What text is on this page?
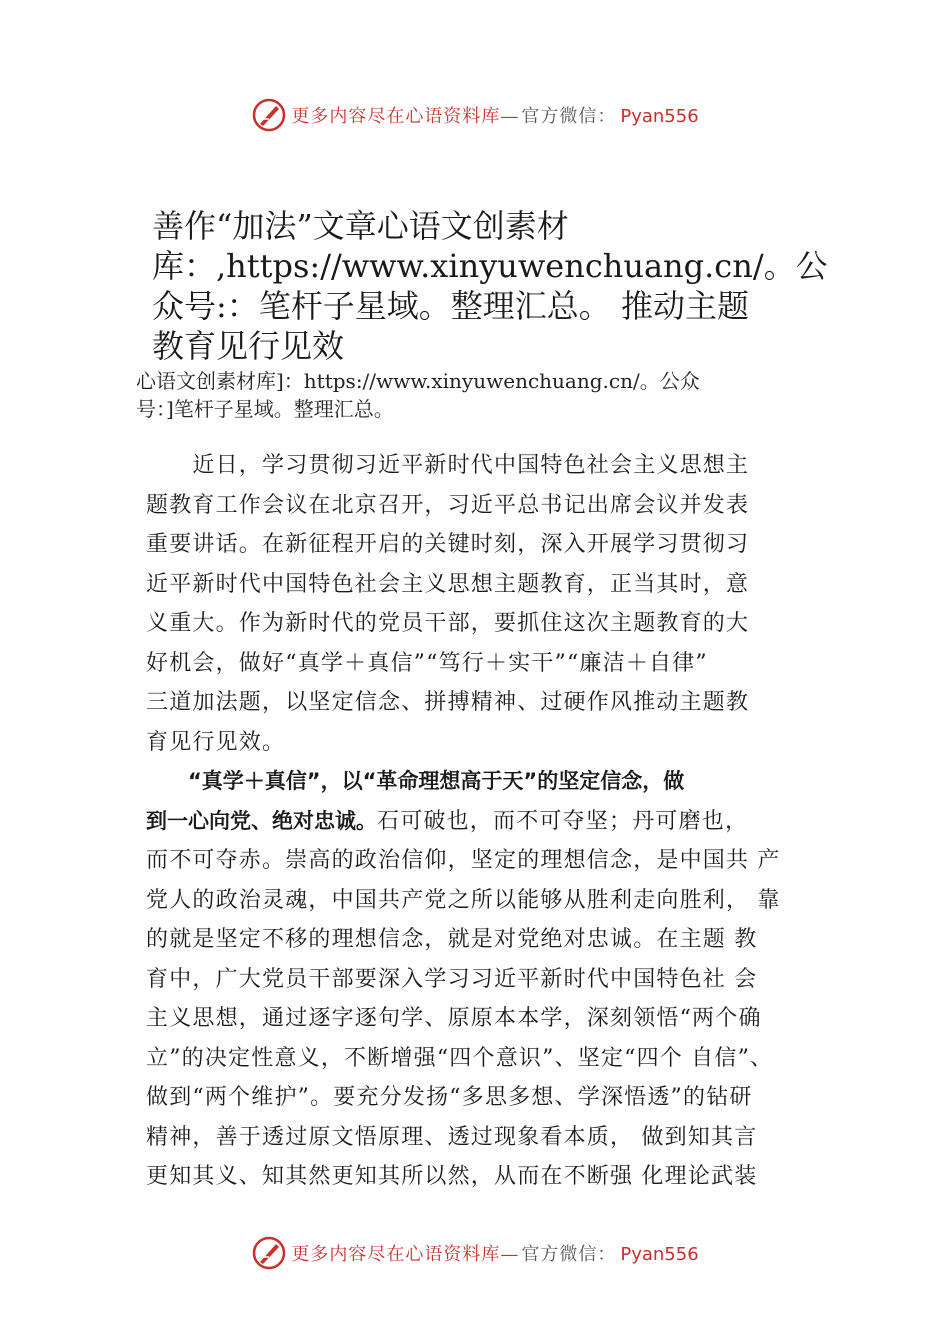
更多内容尽在心语资料库— 官方微信： Pyan556
善作“加法”文章心语文创素材
库：,https://www.xinyuwenchuang.cn/。公
众号:：笔杆子星域。整理汇总。 推动主题
教育见行见效
心语文创素材库]：https://www.xinyuwenchuang.cn/。公众
号：]笔杆子星域。整理汇总。

　　近日，学习贯彻习近平新时代中国特色社会主义思想主
题教育工作会议在北京召开，习近平总书记出席会议并发表
重要讲话。在新征程开启的关键时刻，深入开展学习贯彻习
近平新时代中国特色社会主义思想主题教育，正当其时，意
义重大。作为新时代的党员干部，要抓住这次主题教育的大
好机会，做好“真学＋真信”“笃行＋实干”“廉洁＋自律”
三道加法题，以坚定信念、拼搏精神、过硬作风推动主题教
育见行见效。

　　“真学＋真信”，以“革命理想高于天”的坚定信念，做
到一心向党、绝对忠诚。石可破也，而不可夺坚；丹可磨也，
而不可夺赤。崇高的政治信仰，坚定的理想信念，是中国共 产
党人的政治灵魂，中国共产党之所以能够从胜利走向胜利， 靠
的就是坚定不移的理想信念，就是对党绝对忠诚。在主题 教
育中，广大党员干部要深入学习习近平新时代中国特色社 会
主义思想，通过逐字逐句学、原原本本学，深刻领悟“两个确
立”的决定性意义，不断增强“四个意识”、坚定“四个 自信”、
做到“两个维护”。要充分发扬“多思多想、学深悟透”的钻研
精神，善于透过原文悟原理、透过现象看本质， 做到知其言
更知其义、知其然更知其所以然，从而在不断强 化理论武装

更多内容尽在心语资料库— 官方微信： Pyan556
